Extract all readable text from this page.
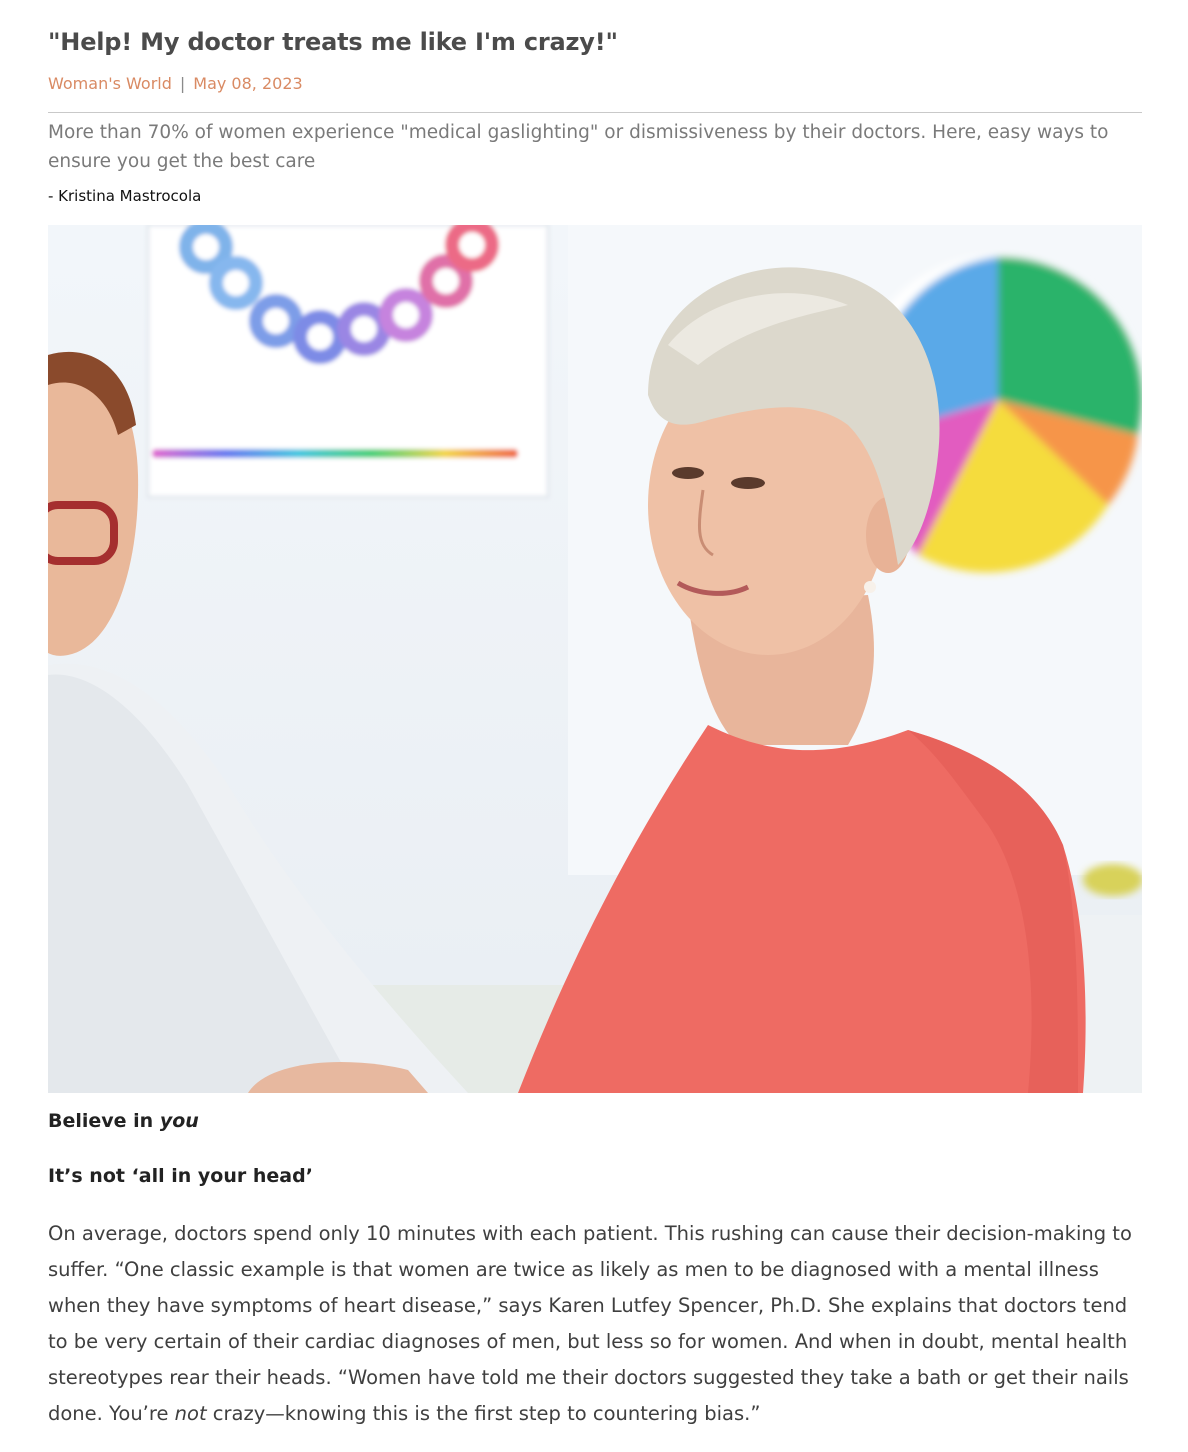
"Help! My doctor treats me like I'm crazy!"
Woman's World | May 08, 2023

More than 70% of women experience "medical gaslighting" or dismissiveness by their doctors. Here, easy ways to ensure you get the best care

- Kristina Mastrocola
Believe in you
It’s not ‘all in your head’

On average, doctors spend only 10 minutes with each patient. This rushing can cause their decision-making to suffer. “One classic example is that women are twice as likely as men to be diagnosed with a mental illness when they have symptoms of heart disease,” says Karen Lutfey Spencer, Ph.D. She explains that doctors tend to be very certain of their cardiac diagnoses of men, but less so for women. And when in doubt, mental health stereotypes rear their heads. “Women have told me their doctors suggested they take a bath or get their nails done. You’re not crazy—knowing this is the first step to countering bias.”
